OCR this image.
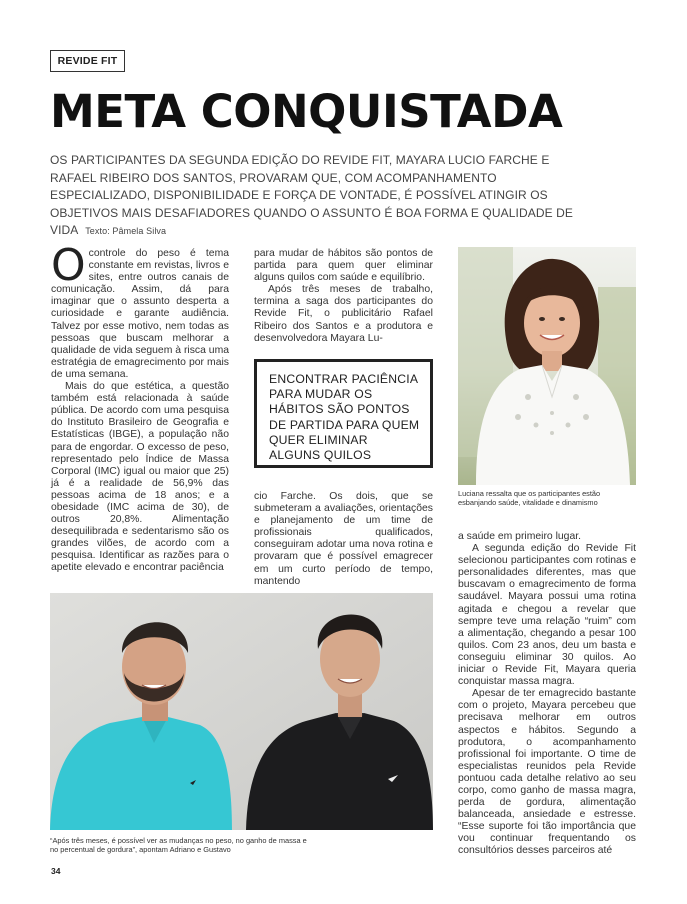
REVIDE FIT
META CONQUISTADA
OS PARTICIPANTES DA SEGUNDA EDIÇÃO DO REVIDE FIT, MAYARA LUCIO FARCHE E RAFAEL RIBEIRO DOS SANTOS, PROVARAM QUE, COM ACOMPANHAMENTO ESPECIALIZADO, DISPONIBILIDADE E FORÇA DE VONTADE, É POSSÍVEL ATINGIR OS OBJETIVOS MAIS DESAFIADORES QUANDO O ASSUNTO É BOA FORMA E QUALIDADE DE VIDA Texto: Pâmela Silva

Ocontrole do peso é tema constante em revistas, livros e sites, entre outros canais de comunicação. Assim, dá para imaginar que o assunto desperta a curiosidade e garante audiência. Talvez por esse motivo, nem todas as pessoas que buscam melhorar a qualidade de vida seguem à risca uma estratégia de emagrecimento por mais de uma semana.

Mais do que estética, a questão também está relacionada à saúde pública. De acordo com uma pesquisa do Instituto Brasileiro de Geografia e Estatísticas (IBGE), a população não para de engordar. O excesso de peso, representado pelo Índice de Massa Corporal (IMC) igual ou maior que 25) já é a realidade de 56,9% das pessoas acima de 18 anos; e a obesidade (IMC acima de 30), de outros 20,8%. Alimentação desequilibrada e sedentarismo são os grandes vilões, de acordo com a pesquisa. Identificar as razões para o apetite elevado e encontrar paciência

para mudar de hábitos são pontos de partida para quem quer eliminar alguns quilos com saúde e equilíbrio.

Após três meses de trabalho, termina a saga dos participantes do Revide Fit, o publicitário Rafael Ribeiro dos Santos e a produtora e desenvolvedora Mayara Lu-

ENCONTRAR PACIÊNCIA PARA MUDAR OS HÁBITOS SÃO PONTOS DE PARTIDA PARA QUEM QUER ELIMINAR ALGUNS QUILOS

cio Farche. Os dois, que se submeteram a avaliações, orientações e planejamento de um time de profissionais qualificados, conseguiram adotar uma nova rotina e provaram que é possível emagrecer em um curto período de tempo, mantendo

Luciana ressalta que os participantes estão esbanjando saúde, vitalidade e dinamismo

a saúde em primeiro lugar.

A segunda edição do Revide Fit selecionou participantes com rotinas e personalidades diferentes, mas que buscavam o emagrecimento de forma saudável. Mayara possui uma rotina agitada e chegou a revelar que sempre teve uma relação “ruim” com a alimentação, chegando a pesar 100 quilos. Com 23 anos, deu um basta e conseguiu eliminar 30 quilos. Ao iniciar o Revide Fit, Mayara queria conquistar massa magra.

Apesar de ter emagrecido bastante com o projeto, Mayara percebeu que precisava melhorar em outros aspectos e hábitos. Segundo a produtora, o acompanhamento profissional foi importante. O time de especialistas reunidos pela Revide pontuou cada detalhe relativo ao seu corpo, como ganho de massa magra, perda de gordura, alimentação balanceada, ansiedade e estresse. “Esse suporte foi tão importância que vou continuar frequentando os consultórios desses parceiros até

“Após três meses, é possível ver as mudanças no peso, no ganho de massa e no percentual de gordura”, apontam Adriano e Gustavo
34
